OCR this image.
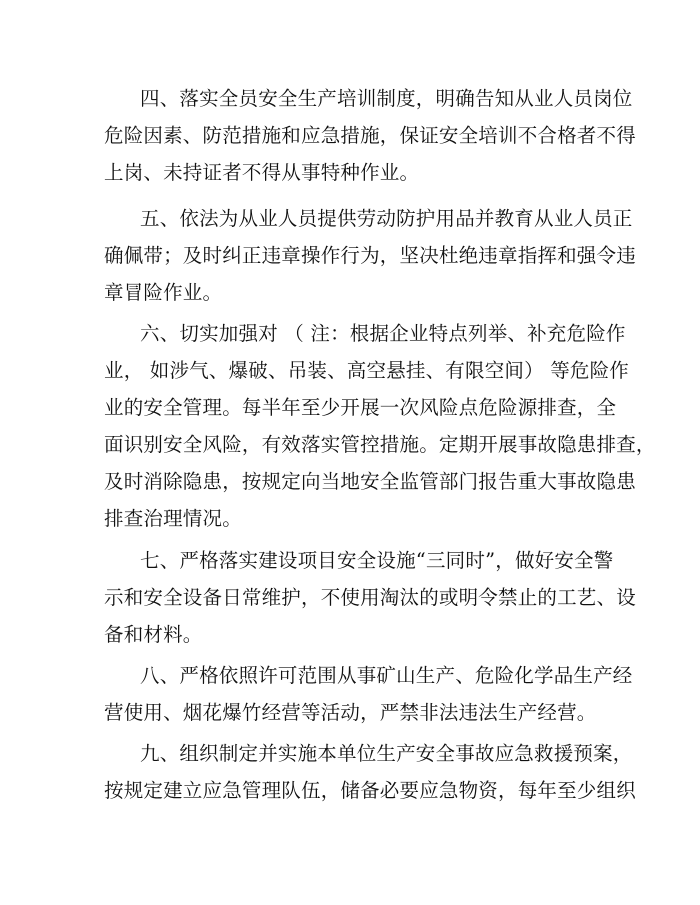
四、落实全员安全生产培训制度，明确告知从业人员岗位
危险因素、防范措施和应急措施，保证安全培训不合格者不得
上岗、未持证者不得从事特种作业。
五、依法为从业人员提供劳动防护用品并教育从业人员正
确佩带；及时纠正违章操作行为，坚决杜绝违章指挥和强令违
章冒险作业。
六、切实加强对 （ 注：根据企业特点列举、补充危险作
业， 如涉气、爆破、吊装、高空悬挂、有限空间） 等危险作
业的安全管理。每半年至少开展一次风险点危险源排查，全
面识别安全风险，有效落实管控措施。定期开展事故隐患排查，
及时消除隐患，按规定向当地安全监管部门报告重大事故隐患
排查治理情况。
七、严格落实建设项目安全设施“三同时”，做好安全警
示和安全设备日常维护，不使用淘汰的或明令禁止的工艺、设
备和材料。
八、严格依照许可范围从事矿山生产、危险化学品生产经
营使用、烟花爆竹经营等活动，严禁非法违法生产经营。
九、组织制定并实施本单位生产安全事故应急救援预案，
按规定建立应急管理队伍，储备必要应急物资，每年至少组织
